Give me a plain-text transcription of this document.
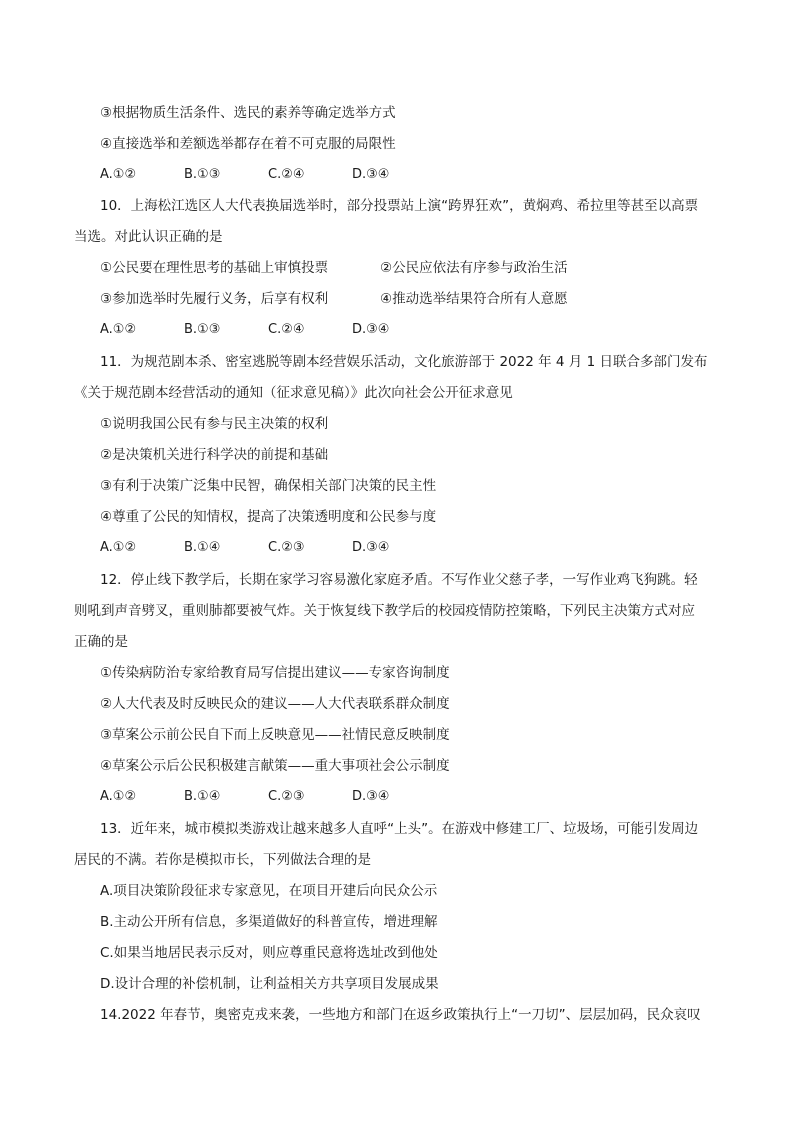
③根据物质生活条件、选民的素养等确定选举方式
④直接选举和差额选举都存在着不可克服的局限性
A.①②	B.①③	C.②④	D.③④
10．上海松江选区人大代表换届选举时，部分投票站上演“跨界狂欢”，黄焖鸡、希拉里等甚至以高票
当选。对此认识正确的是
①公民要在理性思考的基础上审慎投票	②公民应依法有序参与政治生活
③参加选举时先履行义务，后享有权利	④推动选举结果符合所有人意愿
A.①②	B.①③	C.②④	D.③④
11．为规范剧本杀、密室逃脱等剧本经营娱乐活动，文化旅游部于 2022 年 4 月 1 日联合多部门发布
《关于规范剧本经营活动的通知（征求意见稿）》此次向社会公开征求意见
①说明我国公民有参与民主决策的权利
②是决策机关进行科学决的前提和基础
③有利于决策广泛集中民智，确保相关部门决策的民主性
④尊重了公民的知情权，提高了决策透明度和公民参与度
A.①②	B.①④	C.②③	D.③④
12．停止线下教学后，长期在家学习容易激化家庭矛盾。不写作业父慈子孝，一写作业鸡飞狗跳。轻
则吼到声音劈叉，重则肺都要被气炸。关于恢复线下教学后的校园疫情防控策略，下列民主决策方式对应
正确的是
①传染病防治专家给教育局写信提出建议——专家咨询制度
②人大代表及时反映民众的建议——人大代表联系群众制度
③草案公示前公民自下而上反映意见——社情民意反映制度
④草案公示后公民积极建言献策——重大事项社会公示制度
A.①②	B.①④	C.②③	D.③④
13．近年来，城市模拟类游戏让越来越多人直呼“上头”。在游戏中修建工厂、垃圾场，可能引发周边
居民的不满。若你是模拟市长，下列做法合理的是
A.项目决策阶段征求专家意见，在项目开建后向民众公示
B.主动公开所有信息，多渠道做好的科普宣传，增进理解
C.如果当地居民表示反对，则应尊重民意将选址改到他处
D.设计合理的补偿机制，让利益相关方共享项目发展成果
14.2022 年春节，奥密克戎来袭，一些地方和部门在返乡政策执行上“一刀切”、层层加码，民众哀叹
